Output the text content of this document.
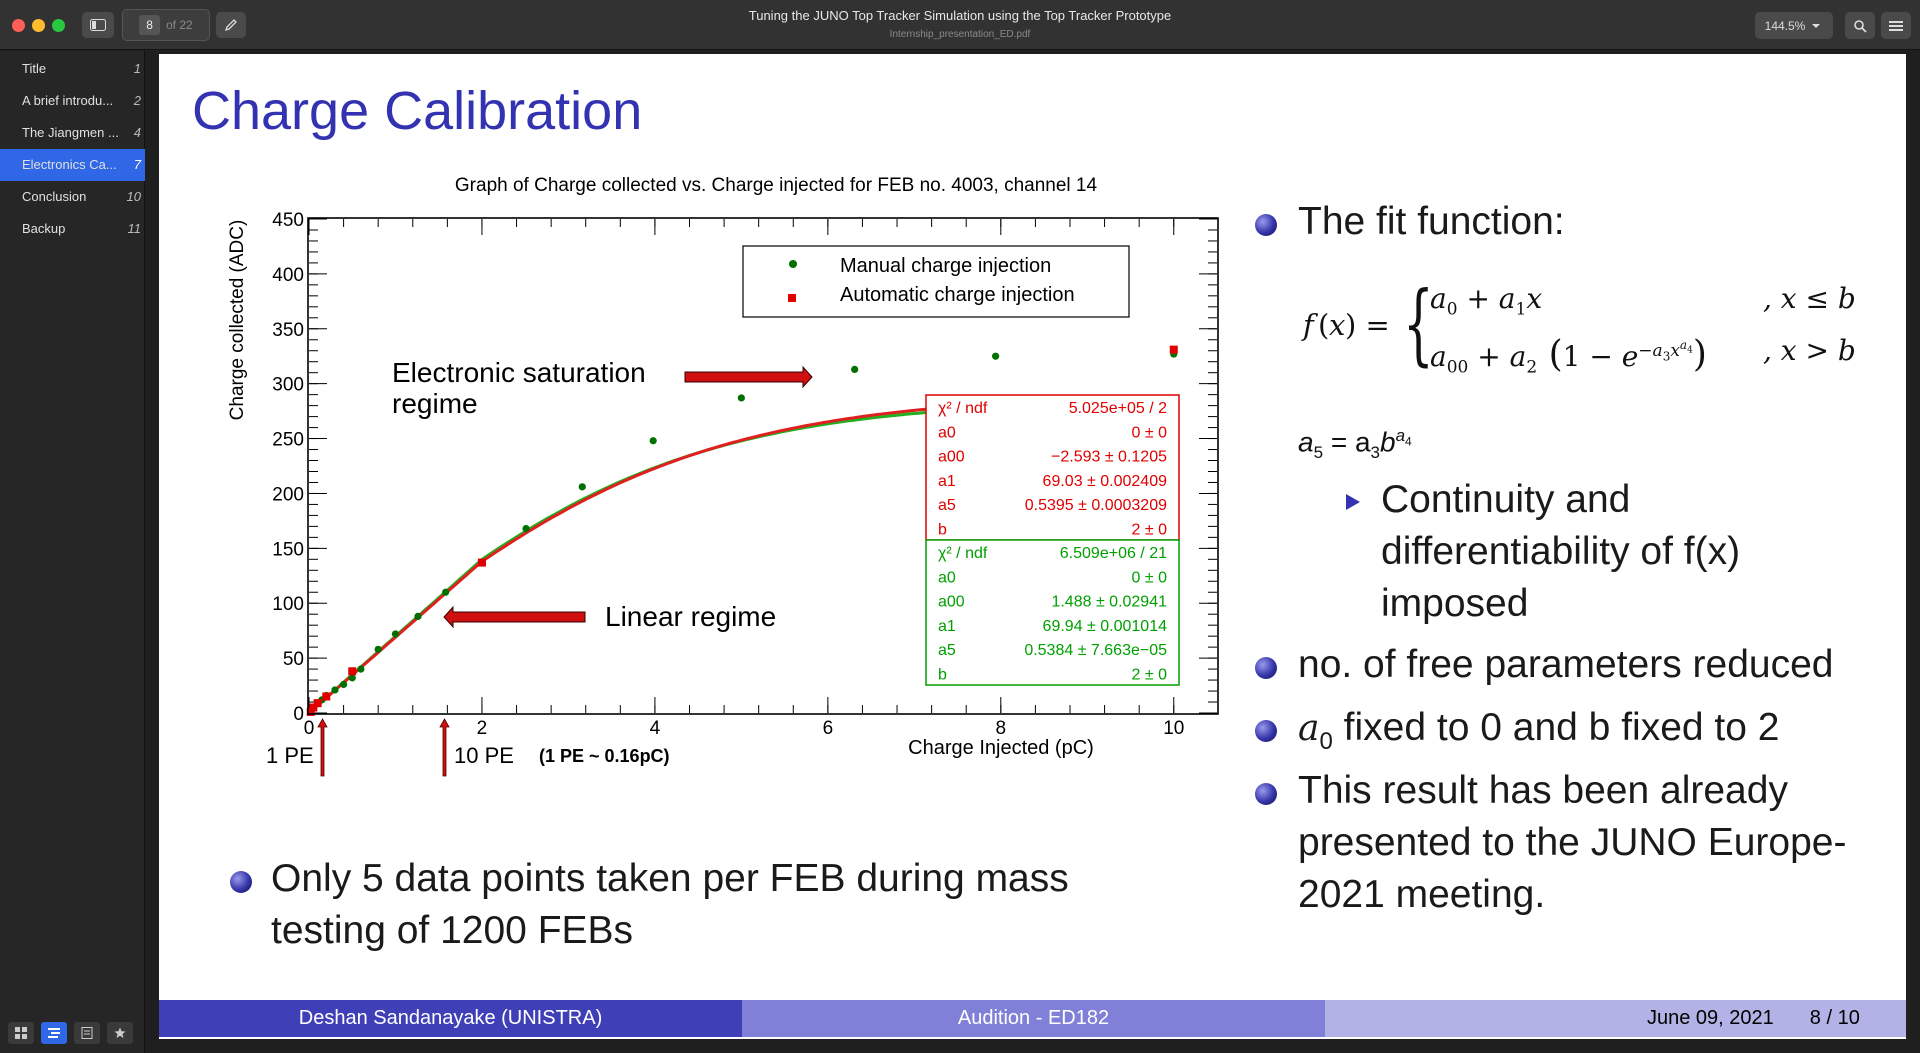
8	of 22
Tuning the JUNO Top Tracker Simulation using the Top Tracker Prototype
Internship_presentation_ED.pdf
144.5%
Title	1
A brief introdu...	2
The Jiangmen ... 4
Electronics Ca...	7
Conclusion	10
Backup	11
Charge Calibration
Graph of Charge collected vs. Charge injected for FEB no. 4003, channel 14
Charge Injected (pC)
Charge collected (ADC)
0	2	4	6	8	10
0
50
100
150
200
250
300
350
400
450
Manual charge injection
Automatic charge injection
χ² / ndf	5.025e+05 / 2
a0	0 ± 0
a00	−2.593 ± 0.1205
a1	69.03 ± 0.002409
a5	0.5395 ± 0.0003209
b	2 ± 0
χ² / ndf	6.509e+06 / 21
a0	0 ± 0
a00	1.488 ± 0.02941
a1	69.94 ± 0.001014
a5	0.5384 ± 7.663e−05
b	2 ± 0
Electronic saturation
regime
Linear regime
1 PE	10 PE (1 PE ~ 0.16pC)
Only 5 data points taken per FEB during mass testing of 1200 FEBs
The fit function:
f ( x ) = {
$a_0 + a_1x$
$a_{00} + a_2$ $(1 - e^{-a_3x^{a_4}})$
, x ≤ b
, x > b
$a_5 = a_3b^{a_4}$
Continuity and differentiability of f(x) imposed
no. of free parameters reduced
$a_0$ fixed to 0 and b fixed to 2
This result has been already presented to the JUNO Europe-2021 meeting.
Deshan Sandanayake (UNISTRA)	Audition - ED182	June 09, 2021 8 / 10
